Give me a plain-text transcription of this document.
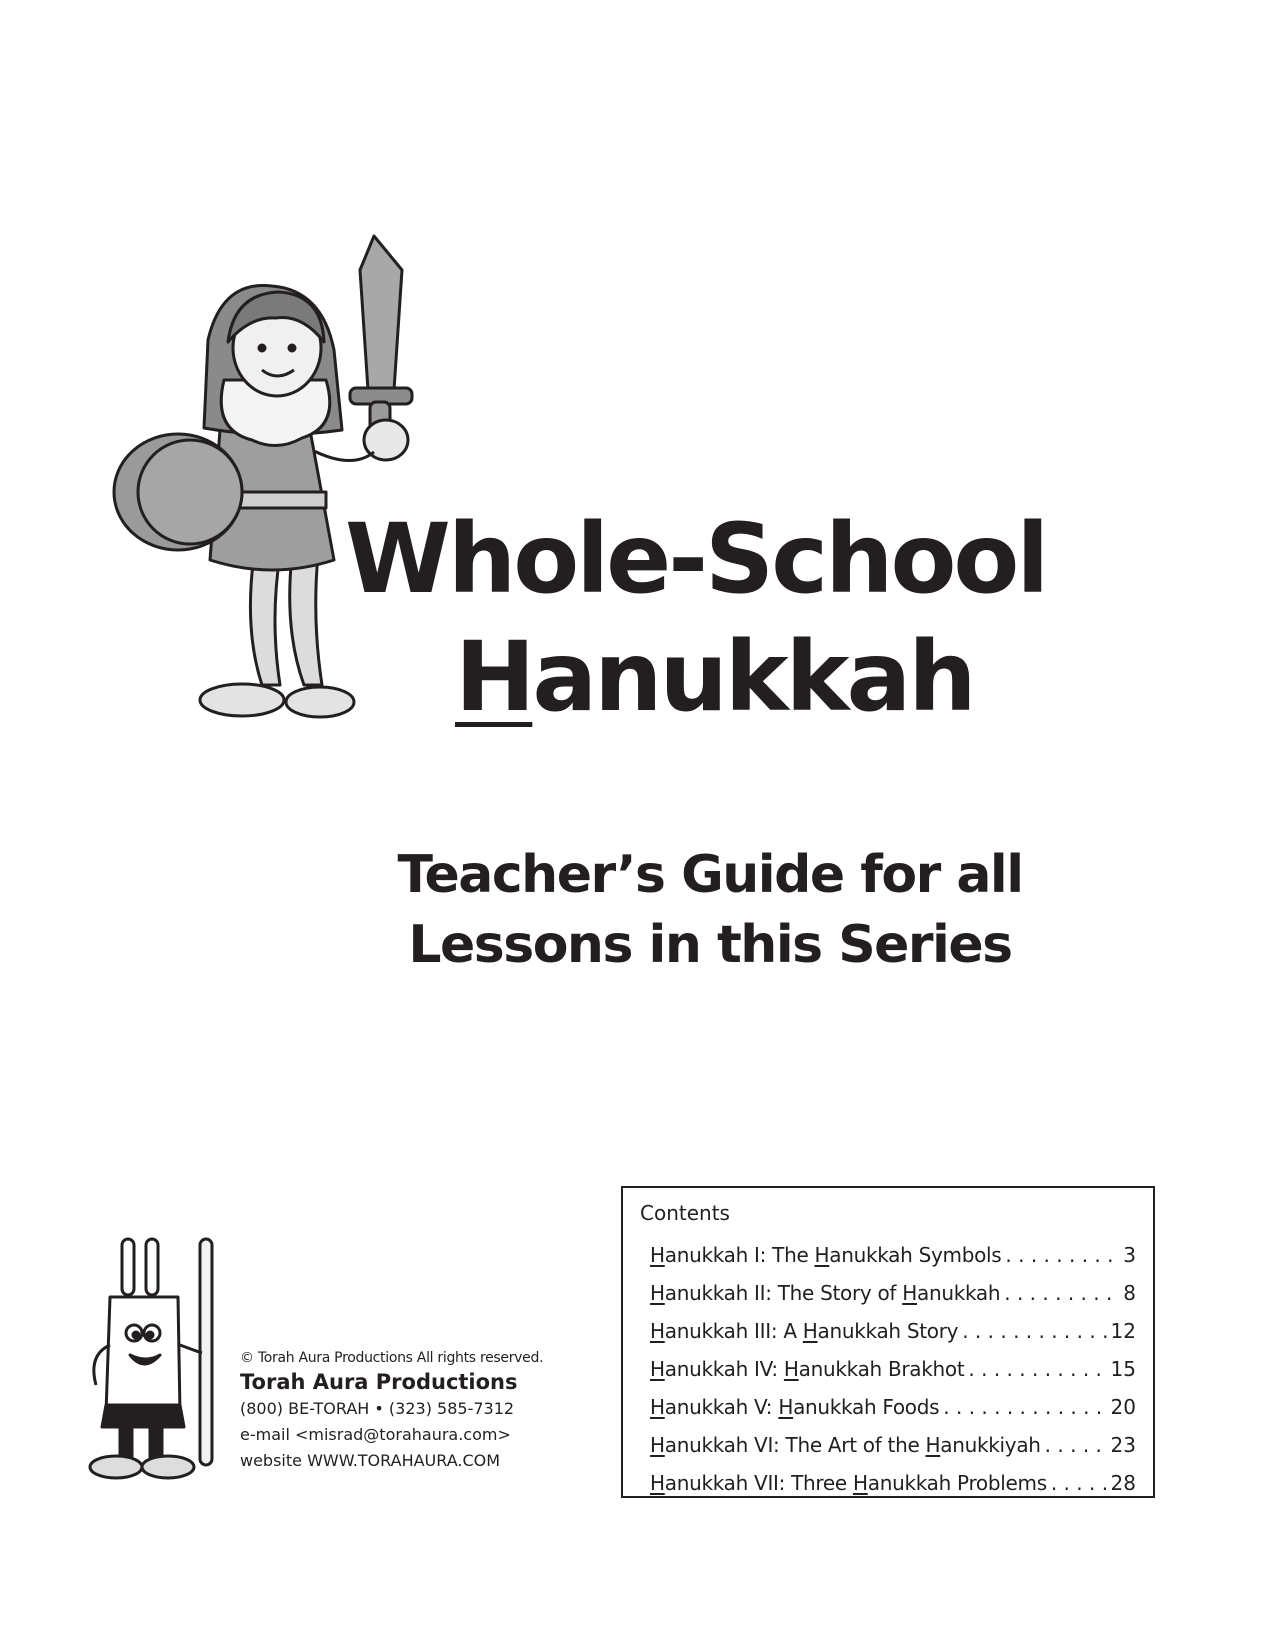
Whole-School
Hanukkah
Teacher’s Guide for all
Lessons in this Series
© Torah Aura Productions All rights reserved.
Torah Aura Productions
(800) BE-TORAH • (323) 585-7312
e-mail <misrad@torahaura.com>
website WWW.TORAHAURA.COM
Contents
Hanukkah I: The Hanukkah Symbols . . .	3
Hanukkah II: The Story of Hanukkah . . .	8
Hanukkah III: A Hanukkah Story . . .	12
Hanukkah IV: Hanukkah Brakhot . . .	15
Hanukkah V: Hanukkah Foods . . .	20
Hanukkah VI: The Art of the Hanukkiyah . . .	23
Hanukkah VII: Three Hanukkah Problems . . .	28
